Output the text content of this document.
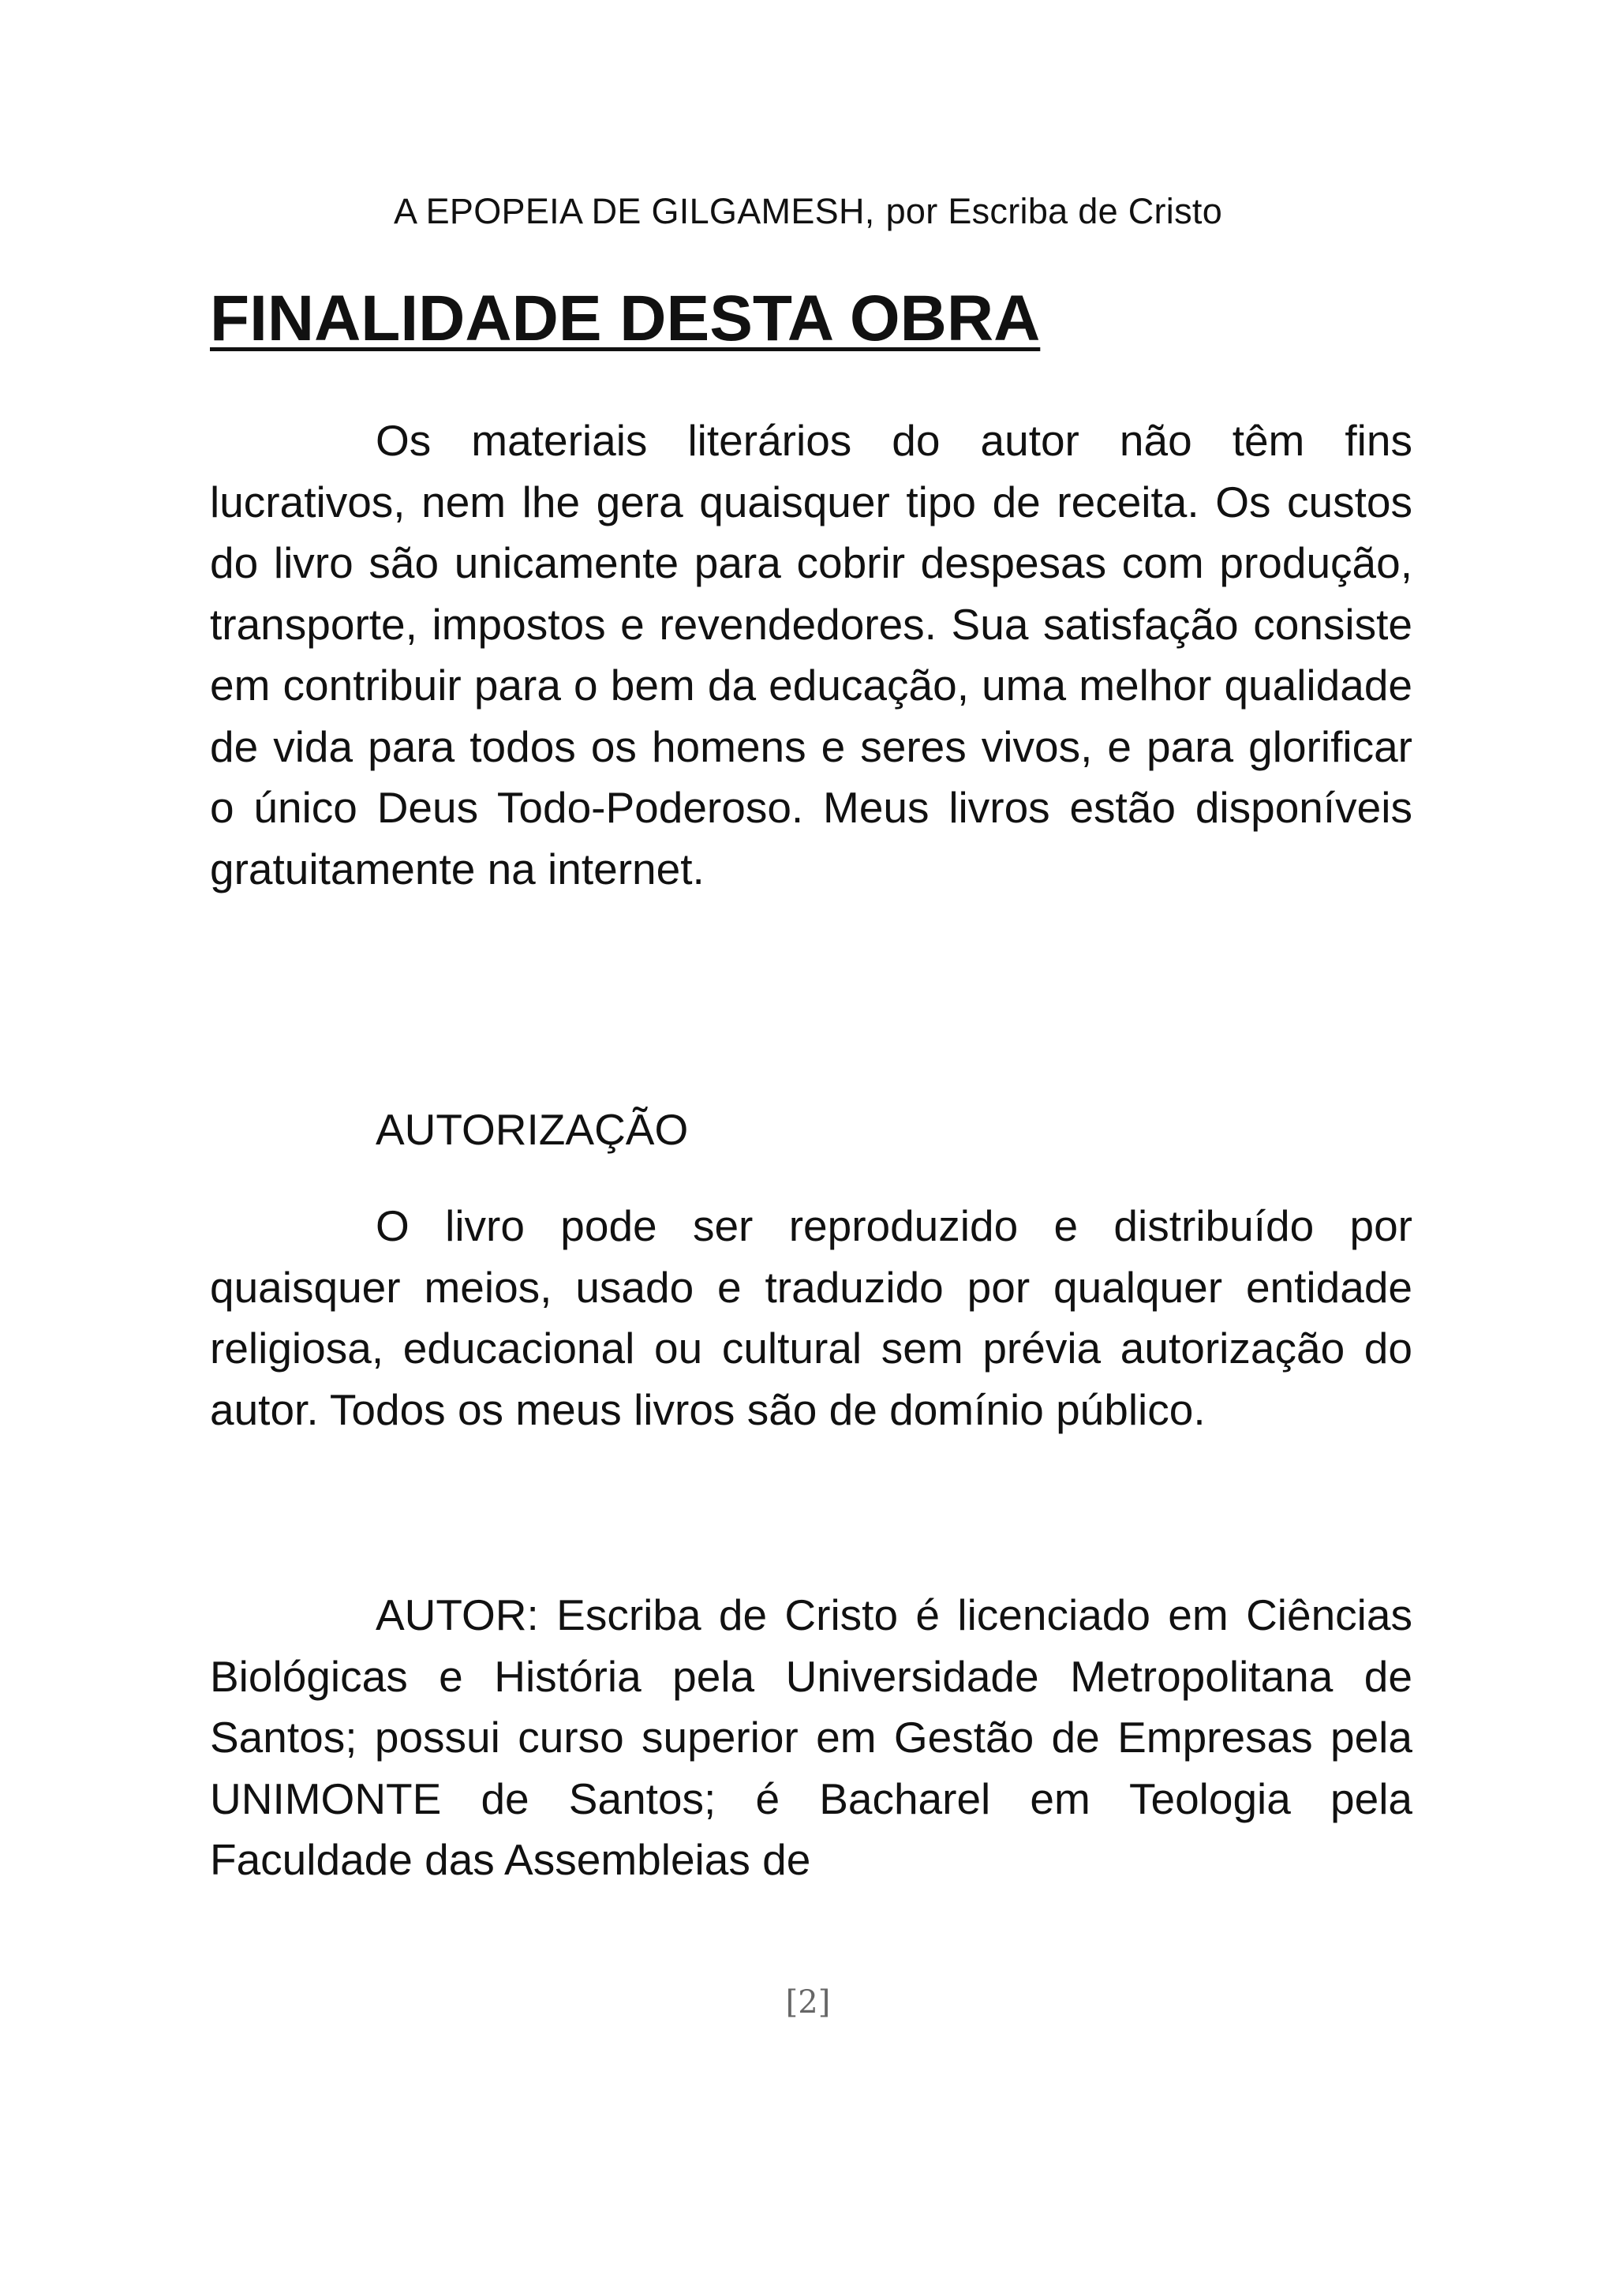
A EPOPEIA DE GILGAMESH, por Escriba de Cristo
FINALIDADE DESTA OBRA

Os materiais literários do autor não têm fins lucrativos, nem lhe gera quaisquer tipo de receita. Os custos do livro são unicamente para cobrir despesas com produção, transporte, impostos e revendedores. Sua satisfação consiste em contribuir para o bem da educação, uma melhor qualidade de vida para todos os homens e seres vivos, e para glorificar o único Deus Todo-Poderoso. Meus livros estão disponíveis gratuitamente na internet.

AUTORIZAÇÃO

O livro pode ser reproduzido e distribuído por quaisquer meios, usado e traduzido por qualquer entidade religiosa, educacional ou cultural sem prévia autorização do autor. Todos os meus livros são de domínio público.

AUTOR: Escriba de Cristo é licenciado em Ciências Biológicas e História pela Universidade Metropolitana de Santos; possui curso superior em Gestão de Empresas pela UNIMONTE de Santos; é Bacharel em Teologia pela Faculdade das Assembleias de

[2]
